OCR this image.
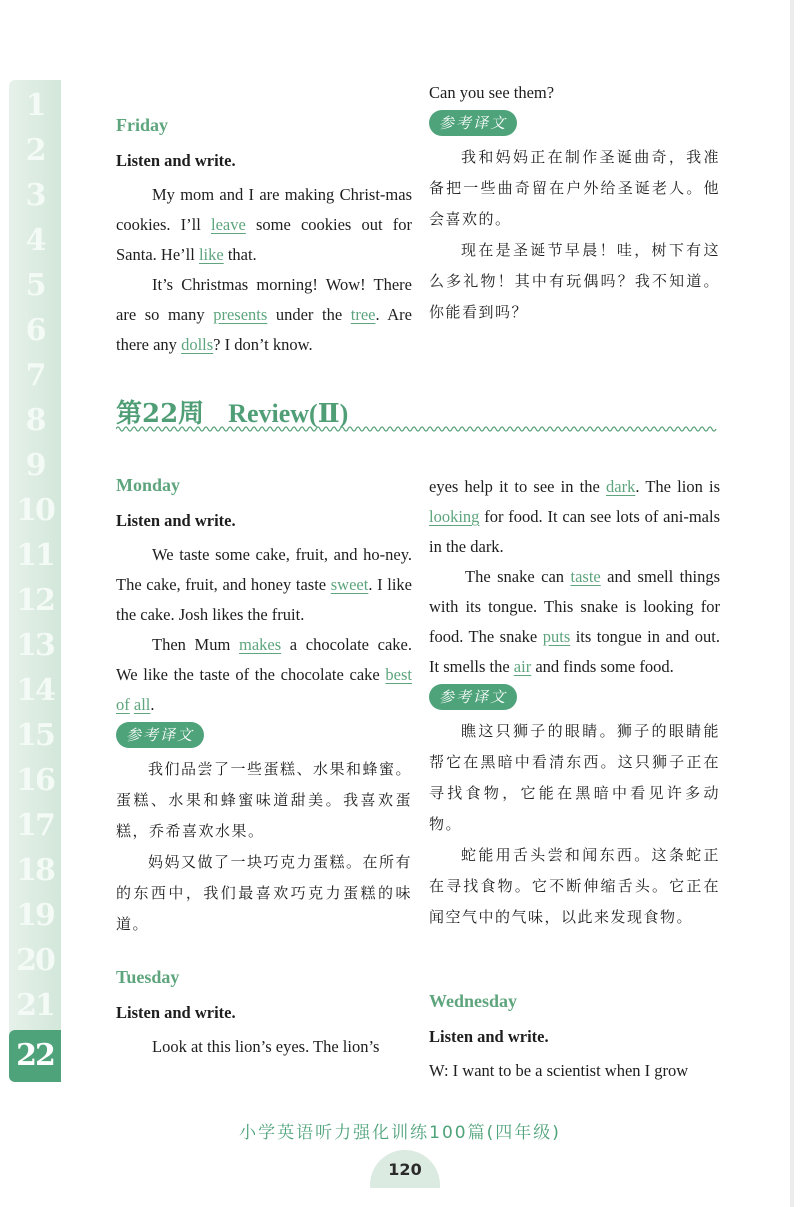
1
2
3
4
5
6
7
8
9
10
11
12
13
14
15
16
17
18
19
20
21
22
Friday
Listen and write.

My mom and I are making Christ-mas cookies. I’ll leave some cookies out for Santa. He’ll like that.

It’s Christmas morning! Wow! There are so many presents under the tree. Are there any dolls? I don’t know.

Can you see them?

参考译文

我和妈妈正在制作圣诞曲奇，我准备把一些曲奇留在户外给圣诞老人。他会喜欢的。

现在是圣诞节早晨！哇，树下有这么多礼物！其中有玩偶吗？我不知道。你能看到吗？

第22周 Review(Ⅱ)
Monday
Listen and write.

We taste some cake, fruit, and ho-ney. The cake, fruit, and honey taste sweet. I like the cake. Josh likes the fruit.

Then Mum makes a chocolate cake. We like the taste of the chocolate cake best of all.

参考译文

我们品尝了一些蛋糕、水果和蜂蜜。蛋糕、水果和蜂蜜味道甜美。我喜欢蛋糕，乔希喜欢水果。

妈妈又做了一块巧克力蛋糕。在所有的东西中，我们最喜欢巧克力蛋糕的味道。

Tuesday
Listen and write.

Look at this lion’s eyes. The lion’s

eyes help it to see in the dark. The lion is looking for food. It can see lots of ani-mals in the dark.

The snake can taste and smell things with its tongue. This snake is looking for food. The snake puts its tongue in and out. It smells the air and finds some food.

参考译文

瞧这只狮子的眼睛。狮子的眼睛能帮它在黑暗中看清东西。这只狮子正在寻找食物，它能在黑暗中看见许多动物。

蛇能用舌头尝和闻东西。这条蛇正在寻找食物。它不断伸缩舌头。它正在闻空气中的气味，以此来发现食物。

Wednesday
Listen and write.

W: I want to be a scientist when I grow

小学英语听力强化训练100篇(四年级)
120
